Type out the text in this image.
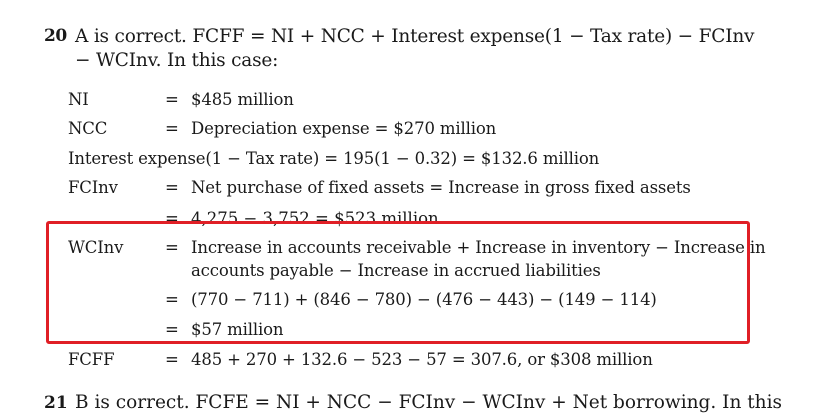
20 A is correct. FCFF = NI + NCC + Interest expense(1 − Tax rate) − FCInv − WCInv. In this case:
NI	= $485 million
NCC	= Depreciation expense = $270 million
Interest expense(1 − Tax rate) = 195(1 − 0.32) = $132.6 million
FCInv	= Net purchase of fixed assets = Increase in gross fixed assets
= 4,275 − 3,752 = $523 million
WCInv	= Increase in accounts receivable + Increase in inventory − Increase in
accounts payable − Increase in accrued liabilities
= (770 − 711) + (846 − 780) − (476 − 443) − (149 − 114)
= $57 million
FCFF	= 485 + 270 + 132.6 − 523 − 57 = 307.6, or $308 million
21 B is correct. FCFE = NI + NCC − FCInv − WCInv + Net borrowing. In this
